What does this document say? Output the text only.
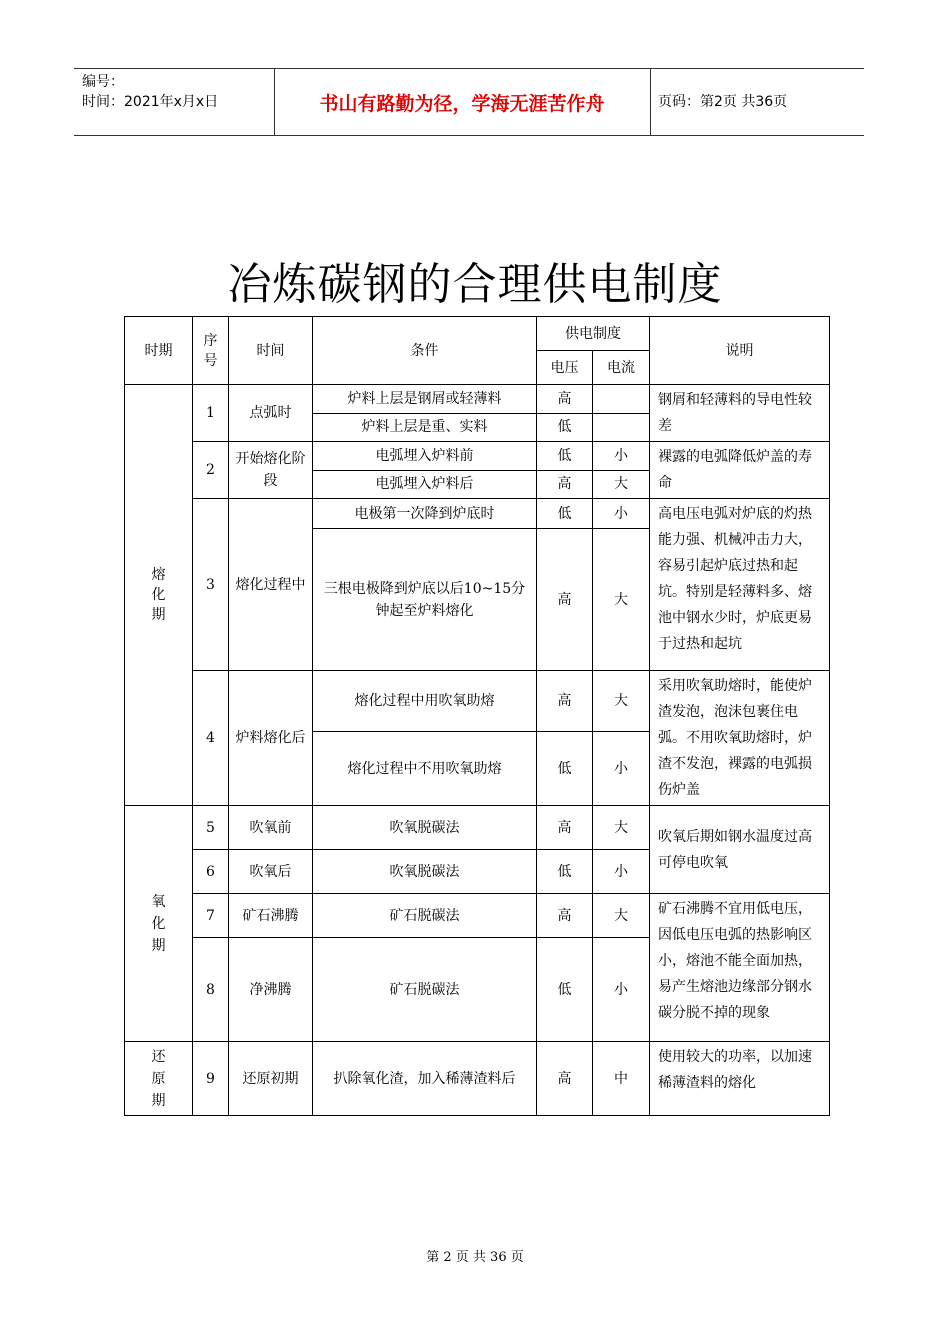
编号：
时间：2021年x月x日	书山有路勤为径，学海无涯苦作舟	页码：第2页 共36页
冶炼碳钢的合理供电制度
时期	序号	时间	条件	供电制度		说明
				电压	电流	
熔化期	1	点弧时	炉料上层是钢屑或轻薄料	高		钢屑和轻薄料的导电性较差
			炉料上层是重、实料	低		
	2	开始熔化阶段	电弧埋入炉料前	低	小	裸露的电弧降低炉盖的寿命
			电弧埋入炉料后	高	大	
	3	熔化过程中	电极第一次降到炉底时	低	小	高电压电弧对炉底的灼热能力强、机械冲击力大，容易引起炉底过热和起坑。特别是轻薄料多、熔池中钢水少时，炉底更易于过热和起坑
			三根电极降到炉底以后10~15分钟起至炉料熔化	高	大	
	4	炉料熔化后	熔化过程中用吹氧助熔	高	大	采用吹氧助熔时，能使炉渣发泡，泡沫包裹住电弧。不用吹氧助熔时，炉渣不发泡，裸露的电弧损伤炉盖
			熔化过程中不用吹氧助熔	低	小	
氧化期	5	吹氧前	吹氧脱碳法	高	大	吹氧后期如钢水温度过高可停电吹氧
	6	吹氧后	吹氧脱碳法	低	小	
	7	矿石沸腾	矿石脱碳法	高	大	矿石沸腾不宜用低电压，因低电压电弧的热影响区小，熔池不能全面加热，易产生熔池边缘部分钢水碳分脱不掉的现象
	8	净沸腾	矿石脱碳法	低	小	
还原期	9	还原初期	扒除氧化渣，加入稀薄渣料后	高	中	使用较大的功率，以加速稀薄渣料的熔化
第 2 页 共 36 页
